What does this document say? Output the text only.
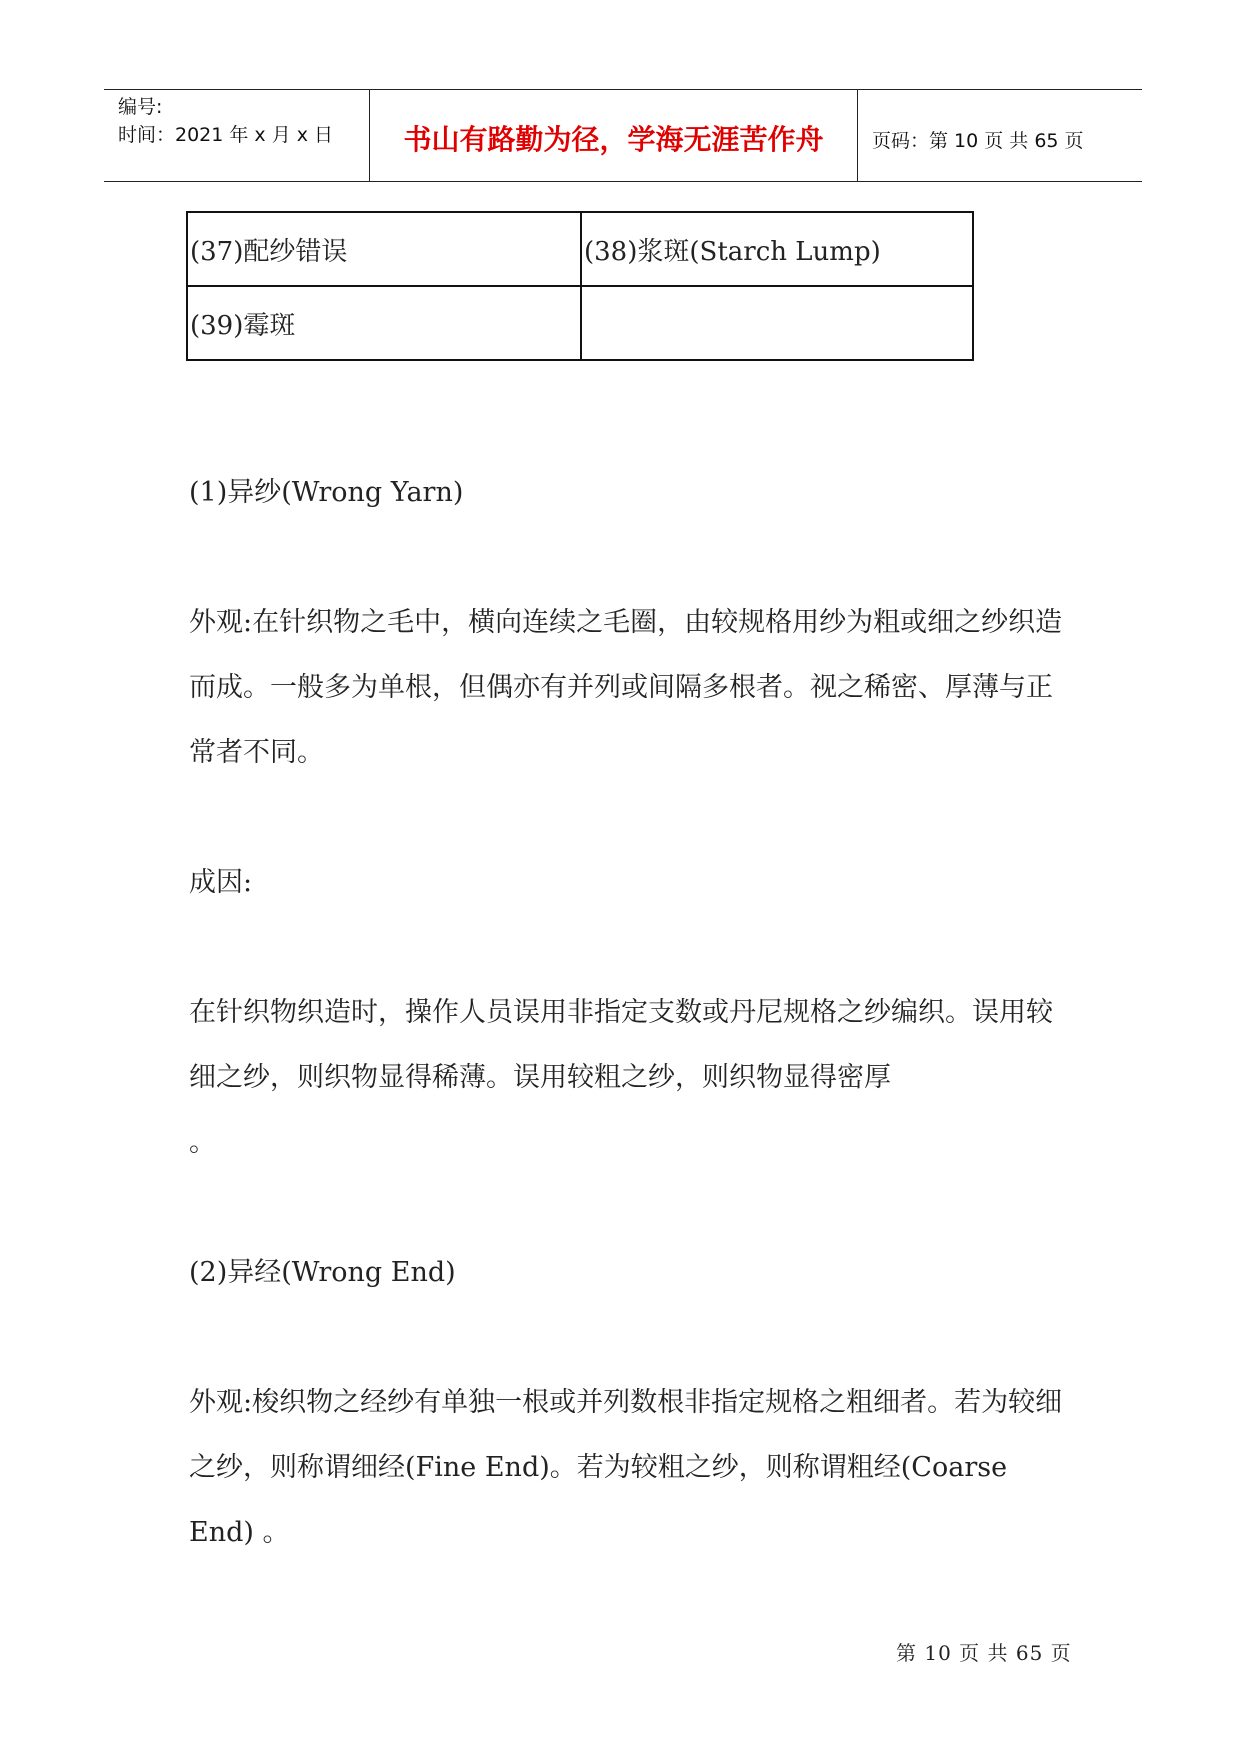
编号:
时间：2021 年 x 月 x 日	书山有路勤为径，学海无涯苦作舟	页码：第 10 页 共 65 页
(37)配纱错误	(38)浆斑(Starch Lump)
(39)霉斑	
(1)异纱(Wrong Yarn)
外观:在针织物之毛中，横向连续之毛圈，由较规格用纱为粗或细之纱织造而成。一般多为单根，但偶亦有并列或间隔多根者。视之稀密、厚薄与正常者不同。
成因:
在针织物织造时，操作人员误用非指定支数或丹尼规格之纱编织。误用较细之纱，则织物显得稀薄。误用较粗之纱，则织物显得密厚
。
(2)异经(Wrong End)
外观:梭织物之经纱有单独一根或并列数根非指定规格之粗细者。若为较细之纱，则称谓细经(Fine End)。若为较粗之纱，则称谓粗经(Coarse End) 。
第 10 页 共 65 页
